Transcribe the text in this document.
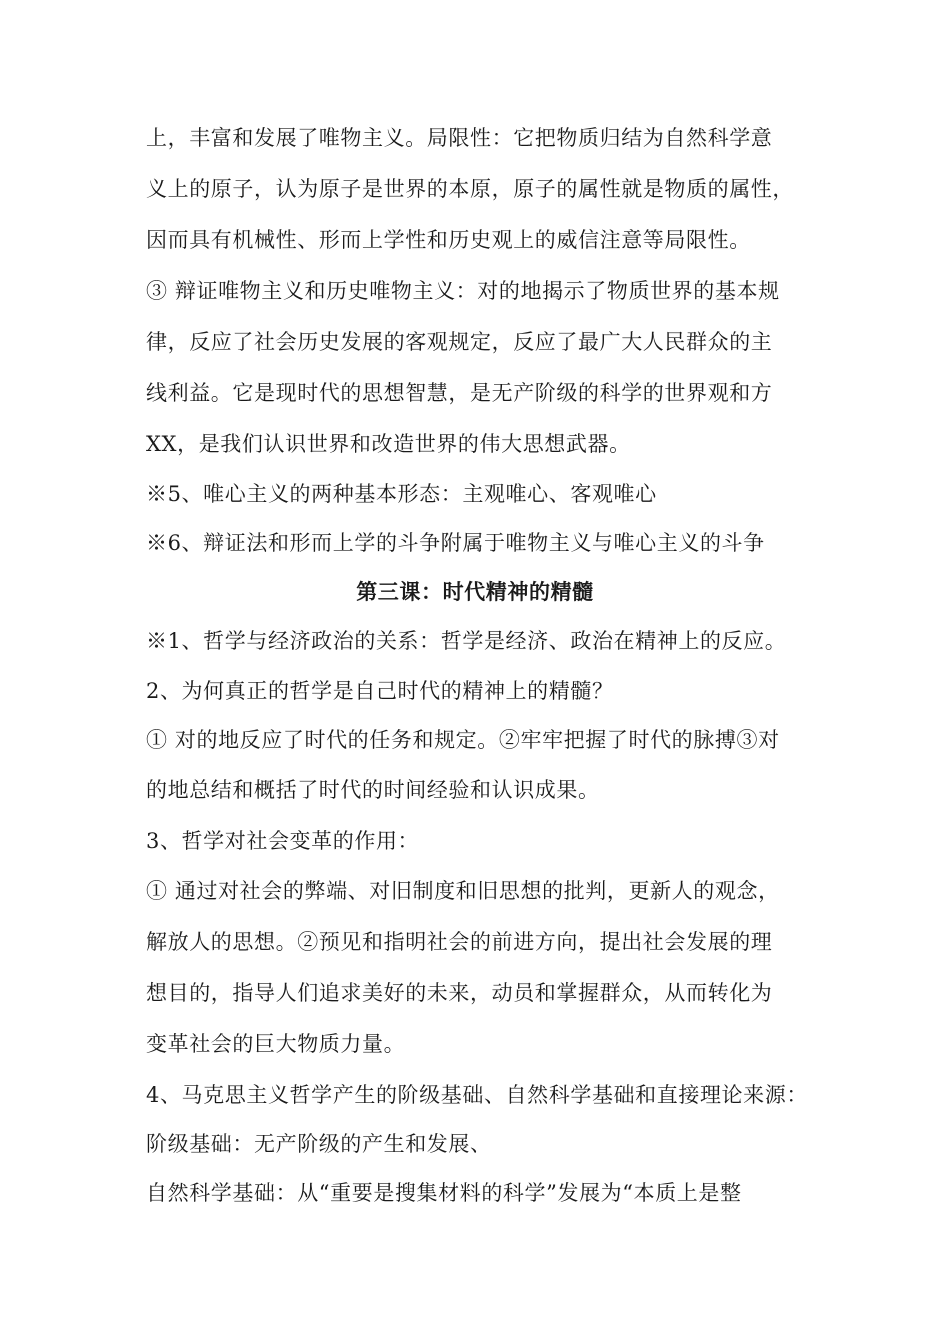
上，丰富和发展了唯物主义。局限性：它把物质归结为自然科学意
义上的原子，认为原子是世界的本原，原子的属性就是物质的属性，
因而具有机械性、形而上学性和历史观上的威信注意等局限性。
③ 辩证唯物主义和历史唯物主义：对的地揭示了物质世界的基本规
律，反应了社会历史发展的客观规定，反应了最广大人民群众的主
线利益。它是现时代的思想智慧，是无产阶级的科学的世界观和方
XX，是我们认识世界和改造世界的伟大思想武器。
※5、唯心主义的两种基本形态：主观唯心、客观唯心
※6、辩证法和形而上学的斗争附属于唯物主义与唯心主义的斗争
第三课：时代精神的精髓
※1、哲学与经济政治的关系：哲学是经济、政治在精神上的反应。
2、为何真正的哲学是自己时代的精神上的精髓？
① 对的地反应了时代的任务和规定。②牢牢把握了时代的脉搏③对
的地总结和概括了时代的时间经验和认识成果。
3、哲学对社会变革的作用：
① 通过对社会的弊端、对旧制度和旧思想的批判，更新人的观念，
解放人的思想。②预见和指明社会的前进方向，提出社会发展的理
想目的，指导人们追求美好的未来，动员和掌握群众，从而转化为
变革社会的巨大物质力量。
4、马克思主义哲学产生的阶级基础、自然科学基础和直接理论来源：
阶级基础：无产阶级的产生和发展、
自然科学基础：从“重要是搜集材料的科学”发展为“本质上是整
